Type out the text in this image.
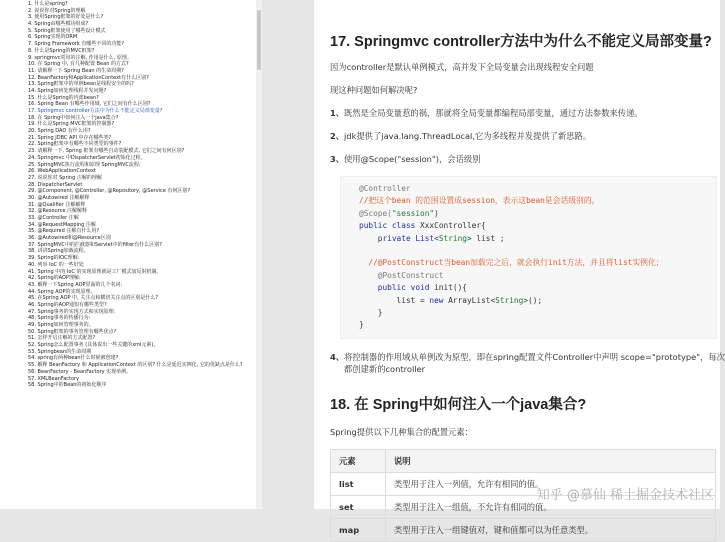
1. 什么是spring?
2. 说说你对Spring的理解
3. 使用Spring框架的好处是什么?
4. Spring由哪些模块组成?
5. Spring框架使用了哪些设计模式
6. Spring实现的ORM
7. Spring Framework 有哪些不同的功能?
8. 什么是Spring的MVC框架?
9. springmvc常用的注解, 作用是什么, 原理。
10. 在 Spring 中, 有几种配置 Bean 的方式?
11. 请解释一下 Spring Bean 的生命周期?
12. BeanFactory和ApplicationContext有什么区别?
13. Spring框架中的单例bean是线程安全的吗?
14. Spring如何处理线程并发问题?
15. 什么是Spring的内部bean?
16. Spring Bean 有哪些作用域, 它们之间有什么区别?
17. Springmvc controller方法中为什么不能定义局部变量?
18. 在 Spring中如何注入一个java集合?
19. 什么是Spring MVC框架的控制器?
20. Spring DAO 有什么用?
21. Spring JDBC API 中存在哪些类?
22. Spring框架中有哪些不同类型的事件?
23. 请解释一下, Spring 框架有哪些自动装配模式, 它们之间有何区别?
24. Springmvc 中DispatcherServlet初始化过程。
25. SpringMVC执行流程和原理 SpringMVC流程:
26. WebApplicationContext
27. 说说你对 Spring 注解的理解
28. DispatcherServlet
29. @Component, @Controller, @Repository, @Service 有何区别?
30. @Autowired 注解解释
31. @Qualifier 注解解释
32. @Resource 注解解释
33. @Controller 注解
34. @RequestMapping 注解
35. @Required 注解有什么用?
36. @Autowired和@Resource区别
37. SpringMVC中的拦截器和Servlet中的filter有什么区别?
38. 讲讲Spring加载流程。
39. Spring的IOC理解:
40. 列举 IoC 的一些好处
41. Spring 中的 IoC 的实现原理就是工厂模式加反射机制。
42. Spring的AOP理解:
43. 解释一下Spring AOP里面的几个名词:
44. Spring AOP的实现原理。
45. 在Spring AOP 中, 关注点和横切关注点的区别是什么?
46. Spring的AOP通知有哪些类型?
47. Spring事务的实现方式和实现原理:
48. Spring事务的传播行为:
49. Spring如何管理事务的。
50. Spring框架的事务管理有哪些优点?
51. 怎样开启注解的方式配置?
52. Spring怎么配置事务 (具体说出一些关键的xml元素)。
53. Springbean的生命周期
54. spring有两种bean什么时候被创建?
55. 解释 BeanFactory 和 ApplicationContext 的区别? 什么是延迟实例化, 它的优缺点是什么?
56. BeanFactory - BeanFactory 实现举例。
57. XMLBeanFactory
58. Spring中的Bean的初始化顺序
17. Springmvc controller方法中为什么不能定义局部变量?

因为controller是默认单例模式，高并发下全局变量会出现线程安全问题

现这种问题如何解决呢?

1、 既然是全局变量惹的祸，那就将全局变量都编程局部变量，通过方法参数来传递。

2、 jdk提供了java.lang.ThreadLocal,它为多线程并发提供了新思路。

3、 使用@Scope("session")，会话级别

@Controller
//把这个bean 的范围设置成session，表示这bean是会话级别的，
@Scope("session")
public class XxxController{
private List<String> list ;

//@PostConstruct当bean加载完之后，就会执行init方法，并且将list实例化；
@PostConstruct
public void init(){
list = new ArrayList<String>();
}
}

4、 将控制器的作用域从单例改为原型，即在spring配置文件Controller中声明 scope="prototype"，每次都创建新的controller

18. 在 Spring中如何注入一个java集合?

Spring提供以下几种集合的配置元素：

元素	说明
list	类型用于注入一列值，允许有相同的值。
set	类型用于注入一组值，不允许有相同的值。
map	类型用于注入一组键值对，键和值都可以为任意类型。
知乎 @慕仙 稀土掘金技术社区
